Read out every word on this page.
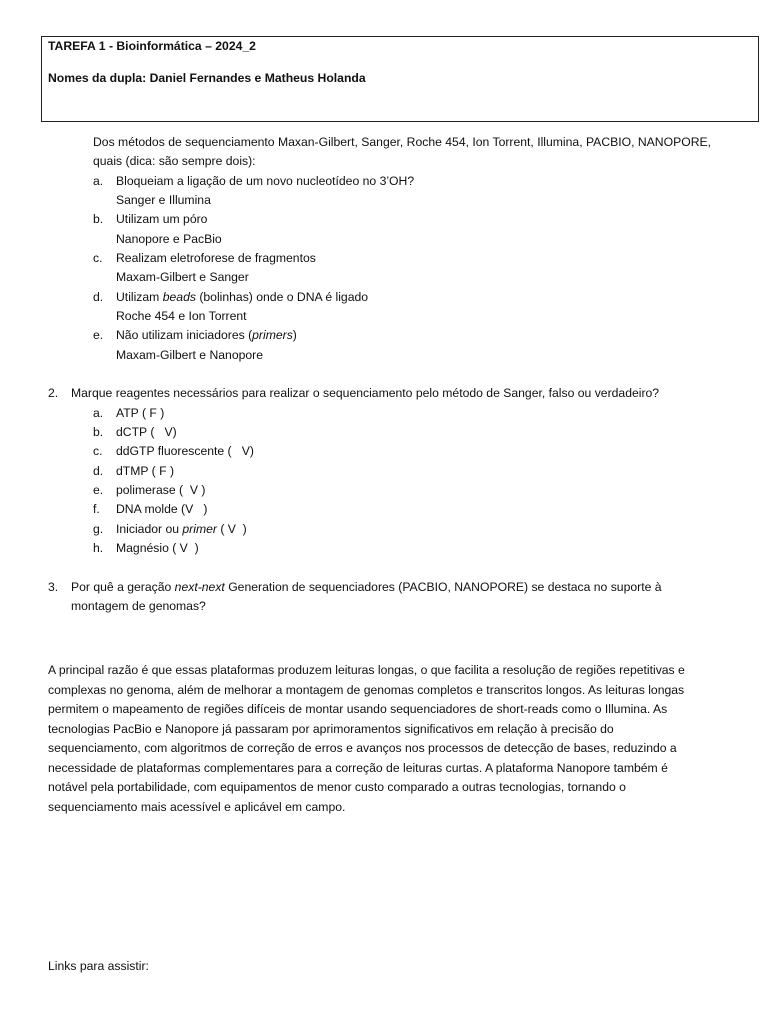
TAREFA 1 - Bioinformática – 2024_2
Nomes da dupla: Daniel Fernandes e Matheus Holanda
Dos métodos de sequenciamento Maxan-Gilbert, Sanger, Roche 454, Ion Torrent, Illumina, PACBIO, NANOPORE,
quais (dica: são sempre dois):
a. Bloqueiam a ligação de um novo nucleotídeo no 3’OH?
Sanger e Illumina
b. Utilizam um póro
Nanopore e PacBio
c. Realizam eletroforese de fragmentos
Maxam-Gilbert e Sanger
d. Utilizam beads (bolinhas) onde o DNA é ligado
Roche 454 e Ion Torrent
e. Não utilizam iniciadores (primers)
Maxam-Gilbert e Nanopore
2. Marque reagentes necessários para realizar o sequenciamento pelo método de Sanger, falso ou verdadeiro?
a. ATP ( F )
b. dCTP (   V)
c. ddGTP fluorescente (   V)
d. dTMP ( F )
e. polimerase (  V )
f. DNA molde (V   )
g. Iniciador ou primer ( V  )
h. Magnésio ( V  )
3. Por quê a geração next-next Generation de sequenciadores (PACBIO, NANOPORE) se destaca no suporte à
montagem de genomas?
A principal razão é que essas plataformas produzem leituras longas, o que facilita a resolução de regiões repetitivas e
complexas no genoma, além de melhorar a montagem de genomas completos e transcritos longos. As leituras longas
permitem o mapeamento de regiões difíceis de montar usando sequenciadores de short-reads como o Illumina. As
tecnologias PacBio e Nanopore já passaram por aprimoramentos significativos em relação à precisão do
sequenciamento, com algoritmos de correção de erros e avanços nos processos de detecção de bases, reduzindo a
necessidade de plataformas complementares para a correção de leituras curtas. A plataforma Nanopore também é
notável pela portabilidade, com equipamentos de menor custo comparado a outras tecnologias, tornando o
sequenciamento mais acessível e aplicável em campo.
Links para assistir:
